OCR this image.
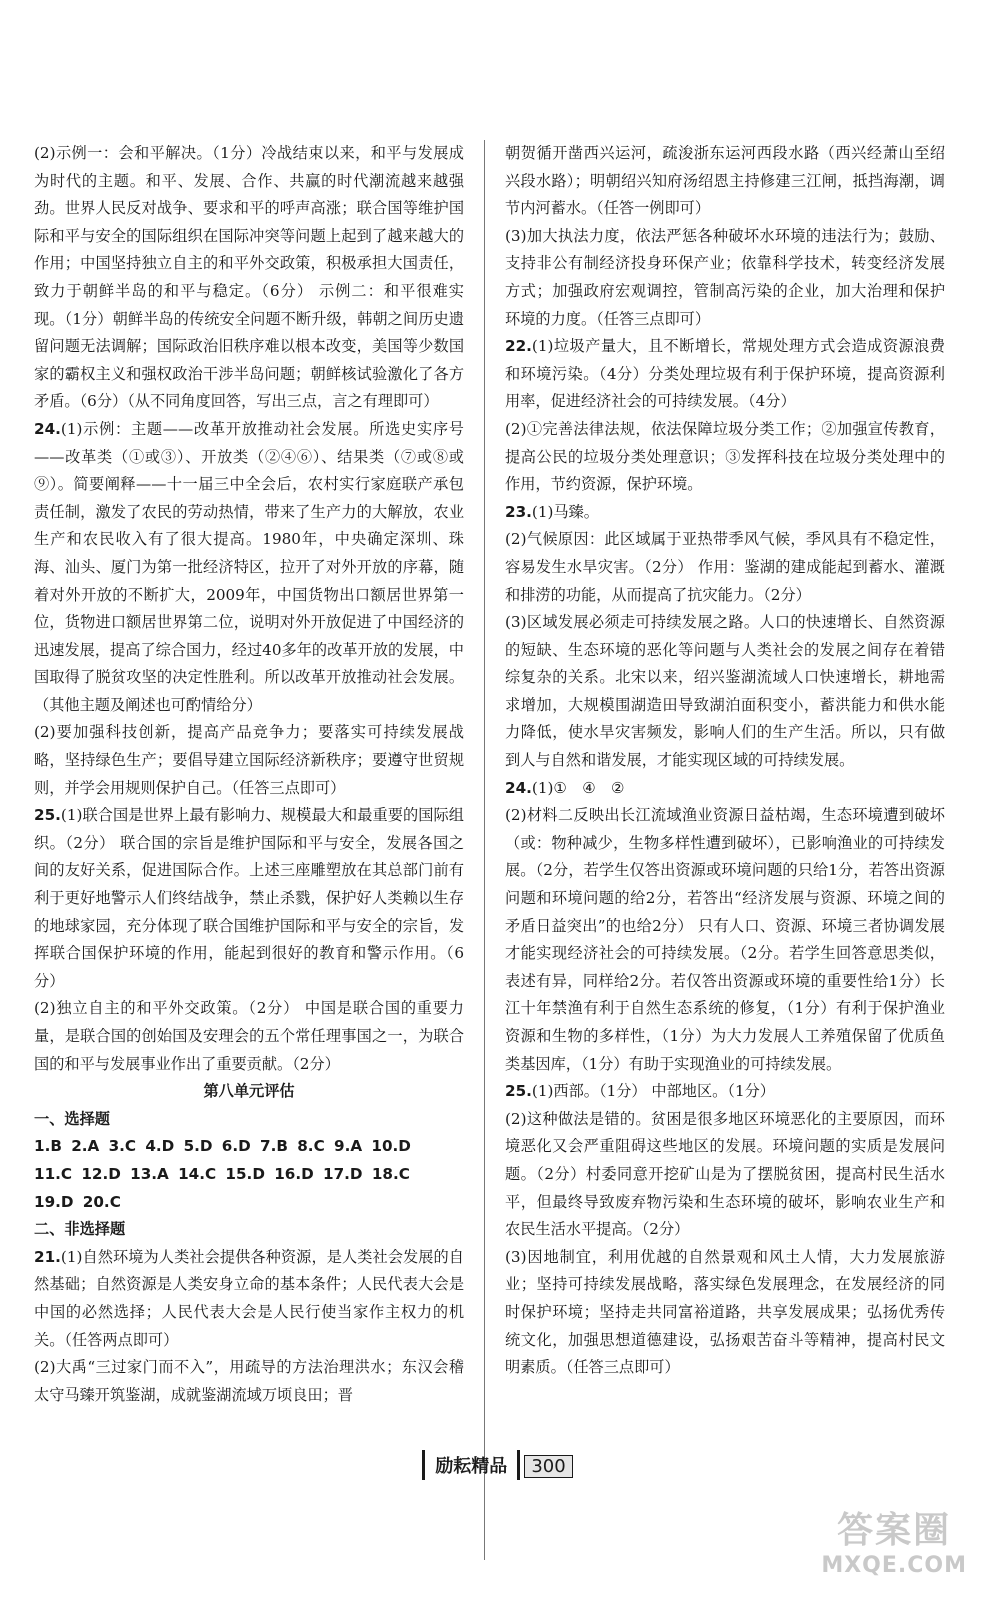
(2)示例一：会和平解决。（1分）冷战结束以来，和平与发展成为时代的主题。和平、发展、合作、共赢的时代潮流越来越强劲。世界人民反对战争、要求和平的呼声高涨；联合国等维护国际和平与安全的国际组织在国际冲突等问题上起到了越来越大的作用；中国坚持独立自主的和平外交政策，积极承担大国责任，致力于朝鲜半岛的和平与稳定。（6分） 示例二：和平很难实现。（1分）朝鲜半岛的传统安全问题不断升级，韩朝之间历史遗留问题无法调解；国际政治旧秩序难以根本改变，美国等少数国家的霸权主义和强权政治干涉半岛问题；朝鲜核试验激化了各方矛盾。（6分）（从不同角度回答，写出三点，言之有理即可）

24.(1)示例：主题——改革开放推动社会发展。所选史实序号——改革类（①或③）、开放类（②④⑥）、结果类（⑦或⑧或⑨）。简要阐释——十一届三中全会后，农村实行家庭联产承包责任制，激发了农民的劳动热情，带来了生产力的大解放，农业生产和农民收入有了很大提高。1980年，中央确定深圳、珠海、汕头、厦门为第一批经济特区，拉开了对外开放的序幕，随着对外开放的不断扩大，2009年，中国货物出口额居世界第一位，货物进口额居世界第二位，说明对外开放促进了中国经济的迅速发展，提高了综合国力，经过40多年的改革开放的发展，中国取得了脱贫攻坚的决定性胜利。所以改革开放推动社会发展。（其他主题及阐述也可酌情给分）

(2)要加强科技创新，提高产品竞争力；要落实可持续发展战略，坚持绿色生产；要倡导建立国际经济新秩序；要遵守世贸规则，并学会用规则保护自己。（任答三点即可）

25.(1)联合国是世界上最有影响力、规模最大和最重要的国际组织。（2分） 联合国的宗旨是维护国际和平与安全，发展各国之间的友好关系，促进国际合作。上述三座雕塑放在其总部门前有利于更好地警示人们终结战争，禁止杀戮，保护好人类赖以生存的地球家园，充分体现了联合国维护国际和平与安全的宗旨，发挥联合国保护环境的作用，能起到很好的教育和警示作用。（6分）

(2)独立自主的和平外交政策。（2分） 中国是联合国的重要力量，是联合国的创始国及安理会的五个常任理事国之一，为联合国的和平与发展事业作出了重要贡献。（2分）

第八单元评估

一、选择题

1.B 2.A 3.C 4.D 5.D 6.D 7.B 8.C 9.A 10.D

11.C 12.D 13.A 14.C 15.D 16.D 17.D 18.C

19.D 20.C

二、非选择题

21.(1)自然环境为人类社会提供各种资源，是人类社会发展的自然基础；自然资源是人类安身立命的基本条件；人民代表大会是中国的必然选择；人民代表大会是人民行使当家作主权力的机关。（任答两点即可）

(2)大禹“三过家门而不入”，用疏导的方法治理洪水；东汉会稽太守马臻开筑鉴湖，成就鉴湖流域万顷良田；晋

朝贺循开凿西兴运河，疏浚浙东运河西段水路（西兴经萧山至绍兴段水路）；明朝绍兴知府汤绍恩主持修建三江闸，抵挡海潮，调节内河蓄水。（任答一例即可）

(3)加大执法力度，依法严惩各种破坏水环境的违法行为；鼓励、支持非公有制经济投身环保产业；依靠科学技术，转变经济发展方式；加强政府宏观调控，管制高污染的企业，加大治理和保护环境的力度。（任答三点即可）

22.(1)垃圾产量大，且不断增长，常规处理方式会造成资源浪费和环境污染。（4分）分类处理垃圾有利于保护环境，提高资源利用率，促进经济社会的可持续发展。（4分）

(2)①完善法律法规，依法保障垃圾分类工作；②加强宣传教育，提高公民的垃圾分类处理意识；③发挥科技在垃圾分类处理中的作用，节约资源，保护环境。

23.(1)马臻。

(2)气候原因：此区域属于亚热带季风气候，季风具有不稳定性，容易发生水旱灾害。（2分） 作用：鉴湖的建成能起到蓄水、灌溉和排涝的功能，从而提高了抗灾能力。（2分）

(3)区域发展必须走可持续发展之路。人口的快速增长、自然资源的短缺、生态环境的恶化等问题与人类社会的发展之间存在着错综复杂的关系。北宋以来，绍兴鉴湖流域人口快速增长，耕地需求增加，大规模围湖造田导致湖泊面积变小，蓄洪能力和供水能力降低，使水旱灾害频发，影响人们的生产生活。所以，只有做到人与自然和谐发展，才能实现区域的可持续发展。

24.(1)①　④　②

(2)材料二反映出长江流域渔业资源日益枯竭，生态环境遭到破坏（或：物种减少，生物多样性遭到破坏），已影响渔业的可持续发展。（2分，若学生仅答出资源或环境问题的只给1分，若答出资源问题和环境问题的给2分，若答出“经济发展与资源、环境之间的矛盾日益突出”的也给2分） 只有人口、资源、环境三者协调发展才能实现经济社会的可持续发展。（2分。若学生回答意思类似，表述有异，同样给2分。若仅答出资源或环境的重要性给1分）长江十年禁渔有利于自然生态系统的修复，（1分）有利于保护渔业资源和生物的多样性，（1分）为大力发展人工养殖保留了优质鱼类基因库，（1分）有助于实现渔业的可持续发展。

25.(1)西部。（1分） 中部地区。（1分）

(2)这种做法是错的。贫困是很多地区环境恶化的主要原因，而环境恶化又会严重阻碍这些地区的发展。环境问题的实质是发展问题。（2分）村委同意开挖矿山是为了摆脱贫困，提高村民生活水平，但最终导致废弃物污染和生态环境的破坏，影响农业生产和农民生活水平提高。（2分）

(3)因地制宜，利用优越的自然景观和风土人情，大力发展旅游业；坚持可持续发展战略，落实绿色发展理念，在发展经济的同时保护环境；坚持走共同富裕道路，共享发展成果；弘扬优秀传统文化，加强思想道德建设，弘扬艰苦奋斗等精神，提高村民文明素质。（任答三点即可）

励耘精品 300
答案圈
MXQE.COM
